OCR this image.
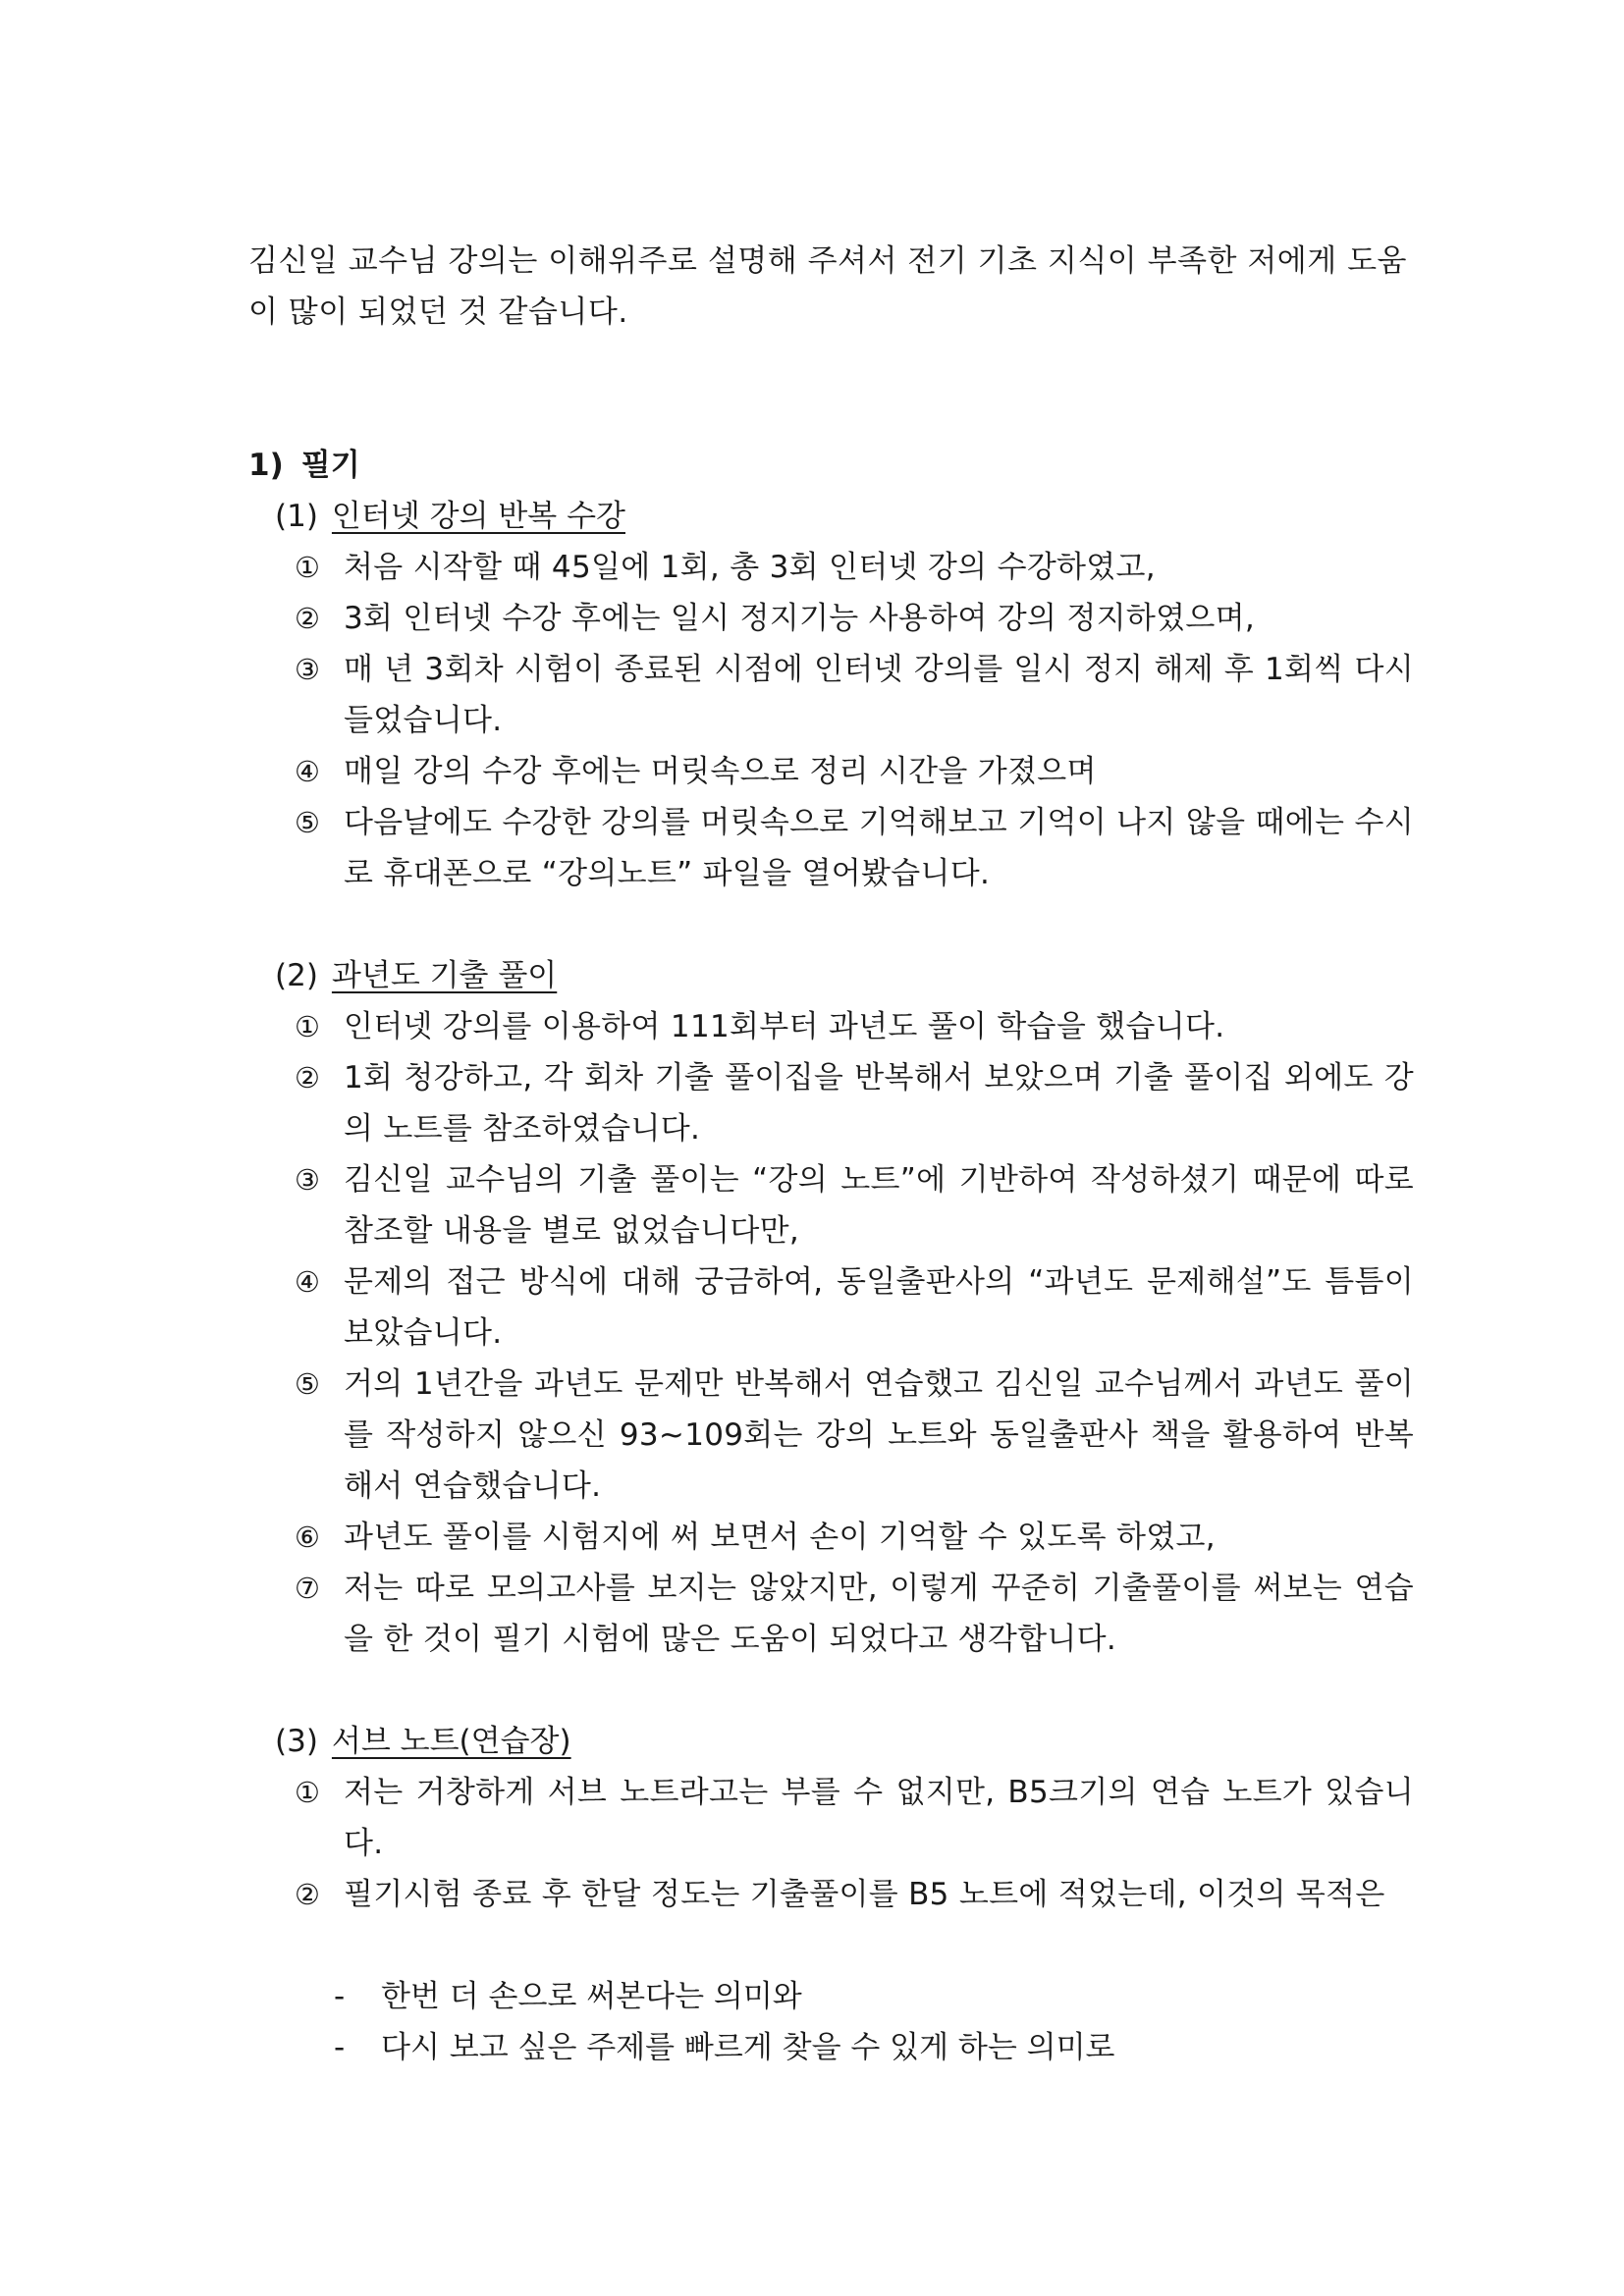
김신일 교수님 강의는 이해위주로 설명해 주셔서 전기 기초 지식이 부족한 저에게 도움이 많이 되었던 것 같습니다.

1) 필기
(1) 인터넷 강의 반복 수강
① 처음 시작할 때 45일에 1회, 총 3회 인터넷 강의 수강하였고,
② 3회 인터넷 수강 후에는 일시 정지기능 사용하여 강의 정지하였으며,
③ 매 년 3회차 시험이 종료된 시점에 인터넷 강의를 일시 정지 해제 후 1회씩 다시 들었습니다.
④ 매일 강의 수강 후에는 머릿속으로 정리 시간을 가졌으며
⑤ 다음날에도 수강한 강의를 머릿속으로 기억해보고 기억이 나지 않을 때에는 수시로 휴대폰으로 “강의노트” 파일을 열어봤습니다.
(2) 과년도 기출 풀이
① 인터넷 강의를 이용하여 111회부터 과년도 풀이 학습을 했습니다.
② 1회 청강하고, 각 회차 기출 풀이집을 반복해서 보았으며 기출 풀이집 외에도 강의 노트를 참조하였습니다.
③ 김신일 교수님의 기출 풀이는 “강의 노트”에 기반하여 작성하셨기 때문에 따로 참조할 내용을 별로 없었습니다만,
④ 문제의 접근 방식에 대해 궁금하여, 동일출판사의 “과년도 문제해설”도 틈틈이 보았습니다.
⑤ 거의 1년간을 과년도 문제만 반복해서 연습했고 김신일 교수님께서 과년도 풀이를 작성하지 않으신 93~109회는 강의 노트와 동일출판사 책을 활용하여 반복해서 연습했습니다.
⑥ 과년도 풀이를 시험지에 써 보면서 손이 기억할 수 있도록 하였고,
⑦ 저는 따로 모의고사를 보지는 않았지만, 이렇게 꾸준히 기출풀이를 써보는 연습을 한 것이 필기 시험에 많은 도움이 되었다고 생각합니다.
(3) 서브 노트(연습장)
① 저는 거창하게 서브 노트라고는 부를 수 없지만, B5크기의 연습 노트가 있습니다.
② 필기시험 종료 후 한달 정도는 기출풀이를 B5 노트에 적었는데, 이것의 목적은
-	한번 더 손으로 써본다는 의미와
-	다시 보고 싶은 주제를 빠르게 찾을 수 있게 하는 의미로
